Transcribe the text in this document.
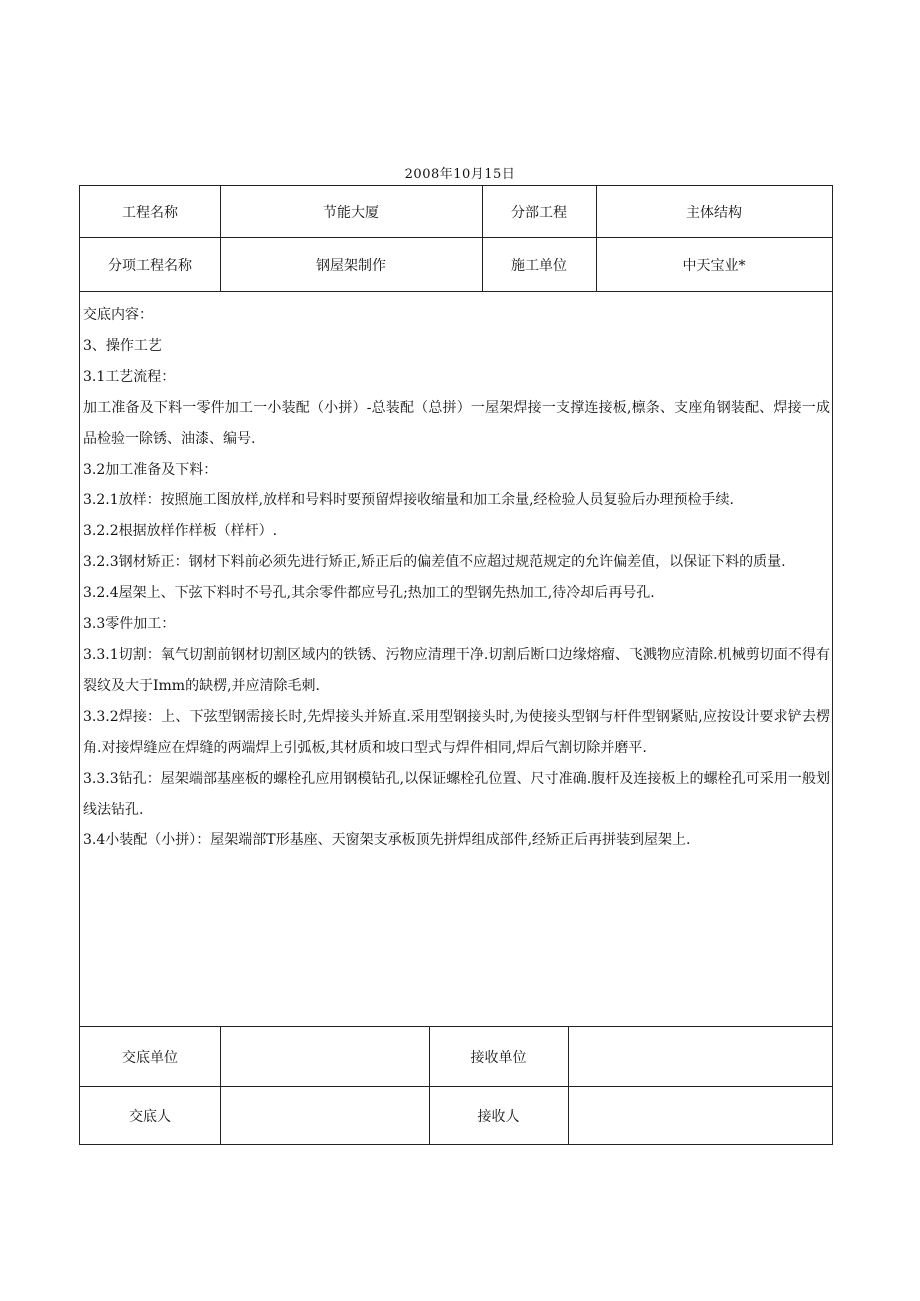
2008年10月15日
工程名称	节能大厦	分部工程	主体结构
分项工程名称	钢屋架制作	施工单位	中天宝业*

交底内容：

3、操作工艺

3.1工艺流程：

加工准备及下料一零件加工一小装配（小拼）-总装配（总拼）一屋架焊接一支撑连接板,檩条、支座角钢装配、焊接一成品检验一除锈、油漆、编号.

3.2加工准备及下料：

3.2.1放样：按照施工图放样,放样和号料时要预留焊接收缩量和加工余量,经检验人员复验后办理预检手续.

3.2.2根据放样作样板（样杆）.

3.2.3钢材矫正：钢材下料前必须先进行矫正,矫正后的偏差值不应超过规范规定的允许偏差值，以保证下料的质量.

3.2.4屋架上、下弦下料时不号孔,其余零件都应号孔;热加工的型钢先热加工,待冷却后再号孔.

3.3零件加工：

3.3.1切割：氧气切割前钢材切割区域内的铁锈、污物应清理干净.切割后断口边缘熔瘤、飞溅物应清除.机械剪切面不得有裂纹及大于Imm的缺楞,并应清除毛刺.

3.3.2焊接：上、下弦型钢需接长时,先焊接头并矫直.采用型钢接头时,为使接头型钢与杆件型钢紧贴,应按设计要求铲去楞角.对接焊缝应在焊缝的两端焊上引弧板,其材质和坡口型式与焊件相同,焊后气割切除并磨平.

3.3.3钻孔：屋架端部基座板的螺栓孔应用钢模钻孔,以保证螺栓孔位置、尺寸准确.腹杆及连接板上的螺栓孔可采用一般划线法钻孔.

3.4小装配（小拼）：屋架端部T形基座、天窗架支承板顶先拼焊组成部件,经矫正后再拼装到屋架上.

交底单位	接收单位
交底人	接收人
